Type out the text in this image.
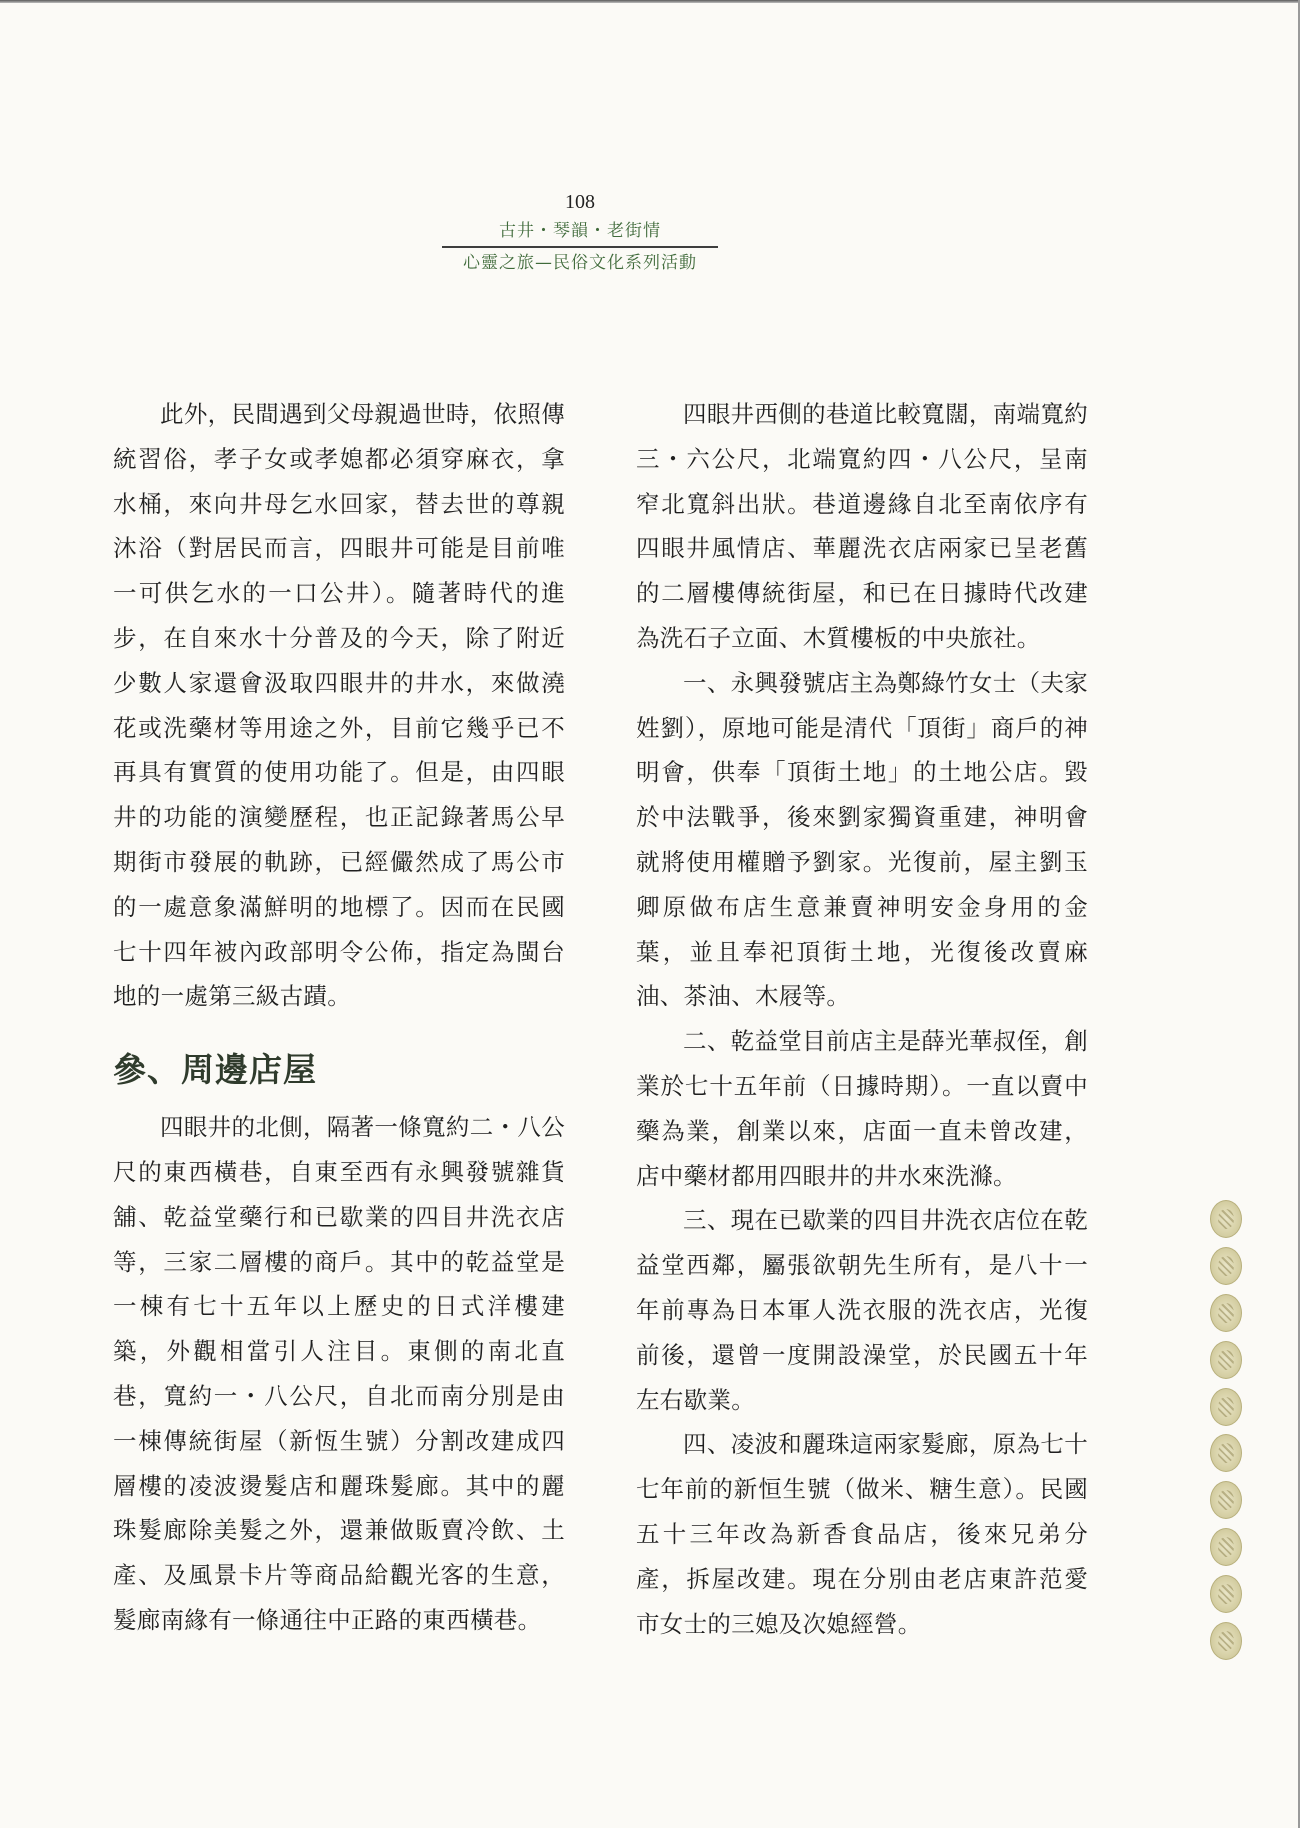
108
古井・琴韻・老街情
心靈之旅—民俗文化系列活動

此外，民間遇到父母親過世時，依照傳統習俗，孝子女或孝媳都必須穿麻衣，拿水桶，來向井母乞水回家，替去世的尊親沐浴（對居民而言，四眼井可能是目前唯一可供乞水的一口公井）。隨著時代的進步，在自來水十分普及的今天，除了附近少數人家還會汲取四眼井的井水，來做澆花或洗藥材等用途之外，目前它幾乎已不再具有實質的使用功能了。但是，由四眼井的功能的演變歷程，也正記錄著馬公早期街市發展的軌跡，已經儼然成了馬公市的一處意象滿鮮明的地標了。因而在民國七十四年被內政部明令公佈，指定為閩台地的一處第三級古蹟。

參、周邊店屋

四眼井的北側，隔著一條寬約二・八公尺的東西橫巷，自東至西有永興發號雜貨舖、乾益堂藥行和已歇業的四目井洗衣店等，三家二層樓的商戶。其中的乾益堂是一棟有七十五年以上歷史的日式洋樓建築，外觀相當引人注目。東側的南北直巷，寬約一・八公尺，自北而南分別是由一棟傳統街屋（新恆生號）分割改建成四層樓的凌波燙髮店和麗珠髮廊。其中的麗珠髮廊除美髮之外，還兼做販賣冷飲、土產、及風景卡片等商品給觀光客的生意，髮廊南緣有一條通往中正路的東西橫巷。

四眼井西側的巷道比較寬闊，南端寬約三・六公尺，北端寬約四・八公尺，呈南窄北寬斜出狀。巷道邊緣自北至南依序有四眼井風情店、華麗洗衣店兩家已呈老舊的二層樓傳統街屋，和已在日據時代改建為洗石子立面、木質樓板的中央旅社。

一、永興發號店主為鄭綠竹女士（夫家姓劉），原地可能是清代「頂街」商戶的神明會，供奉「頂街土地」的土地公店。毀於中法戰爭，後來劉家獨資重建，神明會就將使用權贈予劉家。光復前，屋主劉玉卿原做布店生意兼賣神明安金身用的金葉，並且奉祀頂街土地，光復後改賣麻油、茶油、木屐等。

二、乾益堂目前店主是薛光華叔侄，創業於七十五年前（日據時期）。一直以賣中藥為業，創業以來，店面一直未曾改建，店中藥材都用四眼井的井水來洗滌。

三、現在已歇業的四目井洗衣店位在乾益堂西鄰，屬張欲朝先生所有，是八十一年前專為日本軍人洗衣服的洗衣店，光復前後，還曾一度開設澡堂，於民國五十年左右歇業。

四、凌波和麗珠這兩家髮廊，原為七十七年前的新恒生號（做米、糖生意）。民國五十三年改為新香食品店，後來兄弟分產，拆屋改建。現在分別由老店東許范愛市女士的三媳及次媳經營。
